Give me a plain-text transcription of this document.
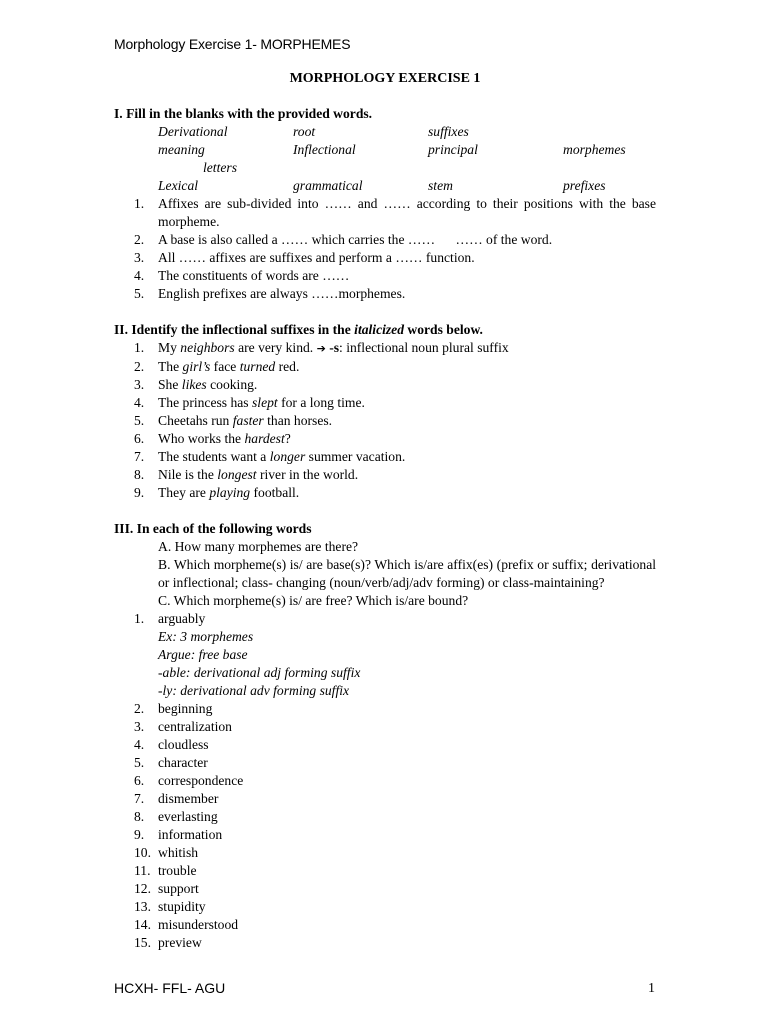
Morphology Exercise 1- MORPHEMES
MORPHOLOGY EXERCISE 1
I. Fill in the blanks with the provided words.
Derivational	root	suffixes
meaning	Inflectional	principal	morphemes
letters
Lexical	grammatical	stem	prefixes
1.	Affixes are sub-divided into …… and …… according to their positions with the base morpheme.
2.	A base is also called a …… which carries the ……      …… of the word.
3.	All …… affixes are suffixes and perform a …… function.
4.	The constituents of words are ……
5.	English prefixes are always ……morphemes.
II. Identify the inflectional suffixes in the italicized words below.
1.	My neighbors are very kind. ➔ -s: inflectional noun plural suffix
2.	The girl’s face turned red.
3.	She likes cooking.
4.	The princess has slept for a long time.
5.	Cheetahs run faster than horses.
6.	Who works the hardest?
7.	The students want a longer summer vacation.
8.	Nile is the longest river in the world.
9.	They are playing football.
III. In each of the following words
A. How many morphemes are there?
B. Which morpheme(s) is/ are base(s)? Which is/are affix(es) (prefix or suffix; derivational or inflectional; class- changing (noun/verb/adj/adv forming) or class-maintaining?
C. Which morpheme(s) is/ are free? Which is/are bound?
1.	arguably
Ex: 3 morphemes
Argue: free base
-able: derivational adj forming suffix
-ly: derivational adv forming suffix
2.	beginning
3.	centralization
4.	cloudless
5.	character
6.	correspondence
7.	dismember
8.	everlasting
9.	information
10. whitish
11. trouble
12. support
13. stupidity
14. misunderstood
15. preview
HCXH- FFL- AGU	1
